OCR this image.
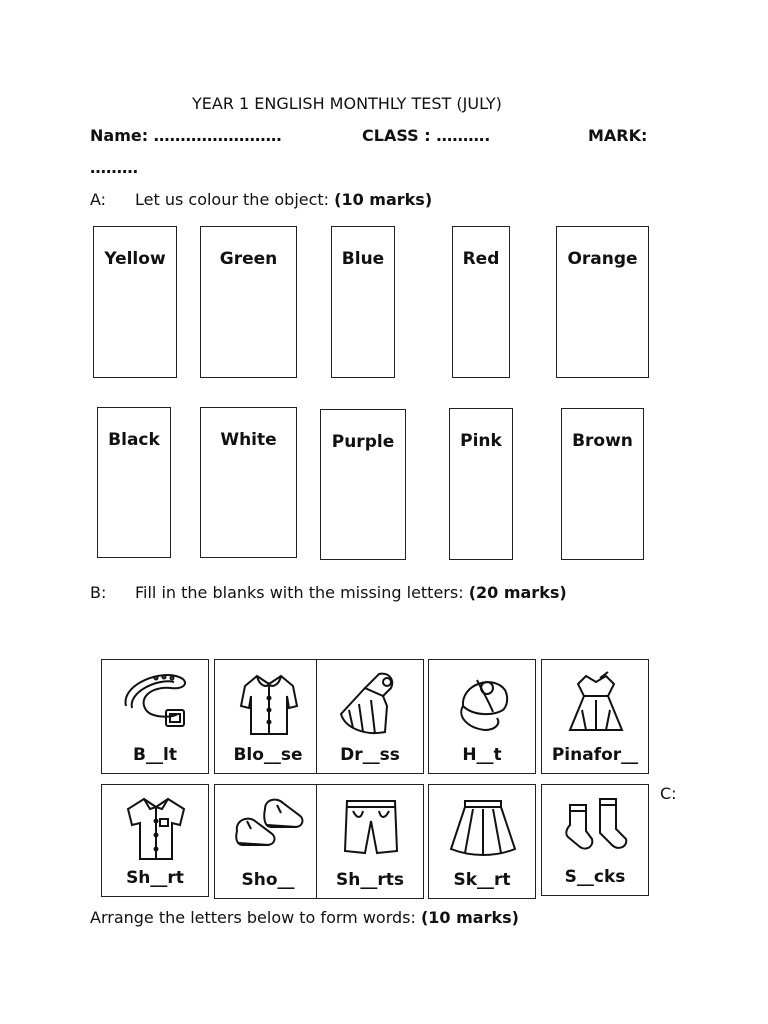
YEAR 1 ENGLISH MONTHLY TEST (JULY)
Name: ……………………	CLASS : ……….	MARK:
………
A: Let us colour the object: (10 marks)
Yellow	Green	Blue	Red	Orange
Black	White	Purple	Pink	Brown
B: Fill in the blanks with the missing letters: (20 marks)
B__lt	Blo__se	Dr__ss	H__t	Pinafor__
C:
Sh__rt	Sho__	Sh__rts	Sk__rt	S__cks
Arrange the letters below to form words: (10 marks)
